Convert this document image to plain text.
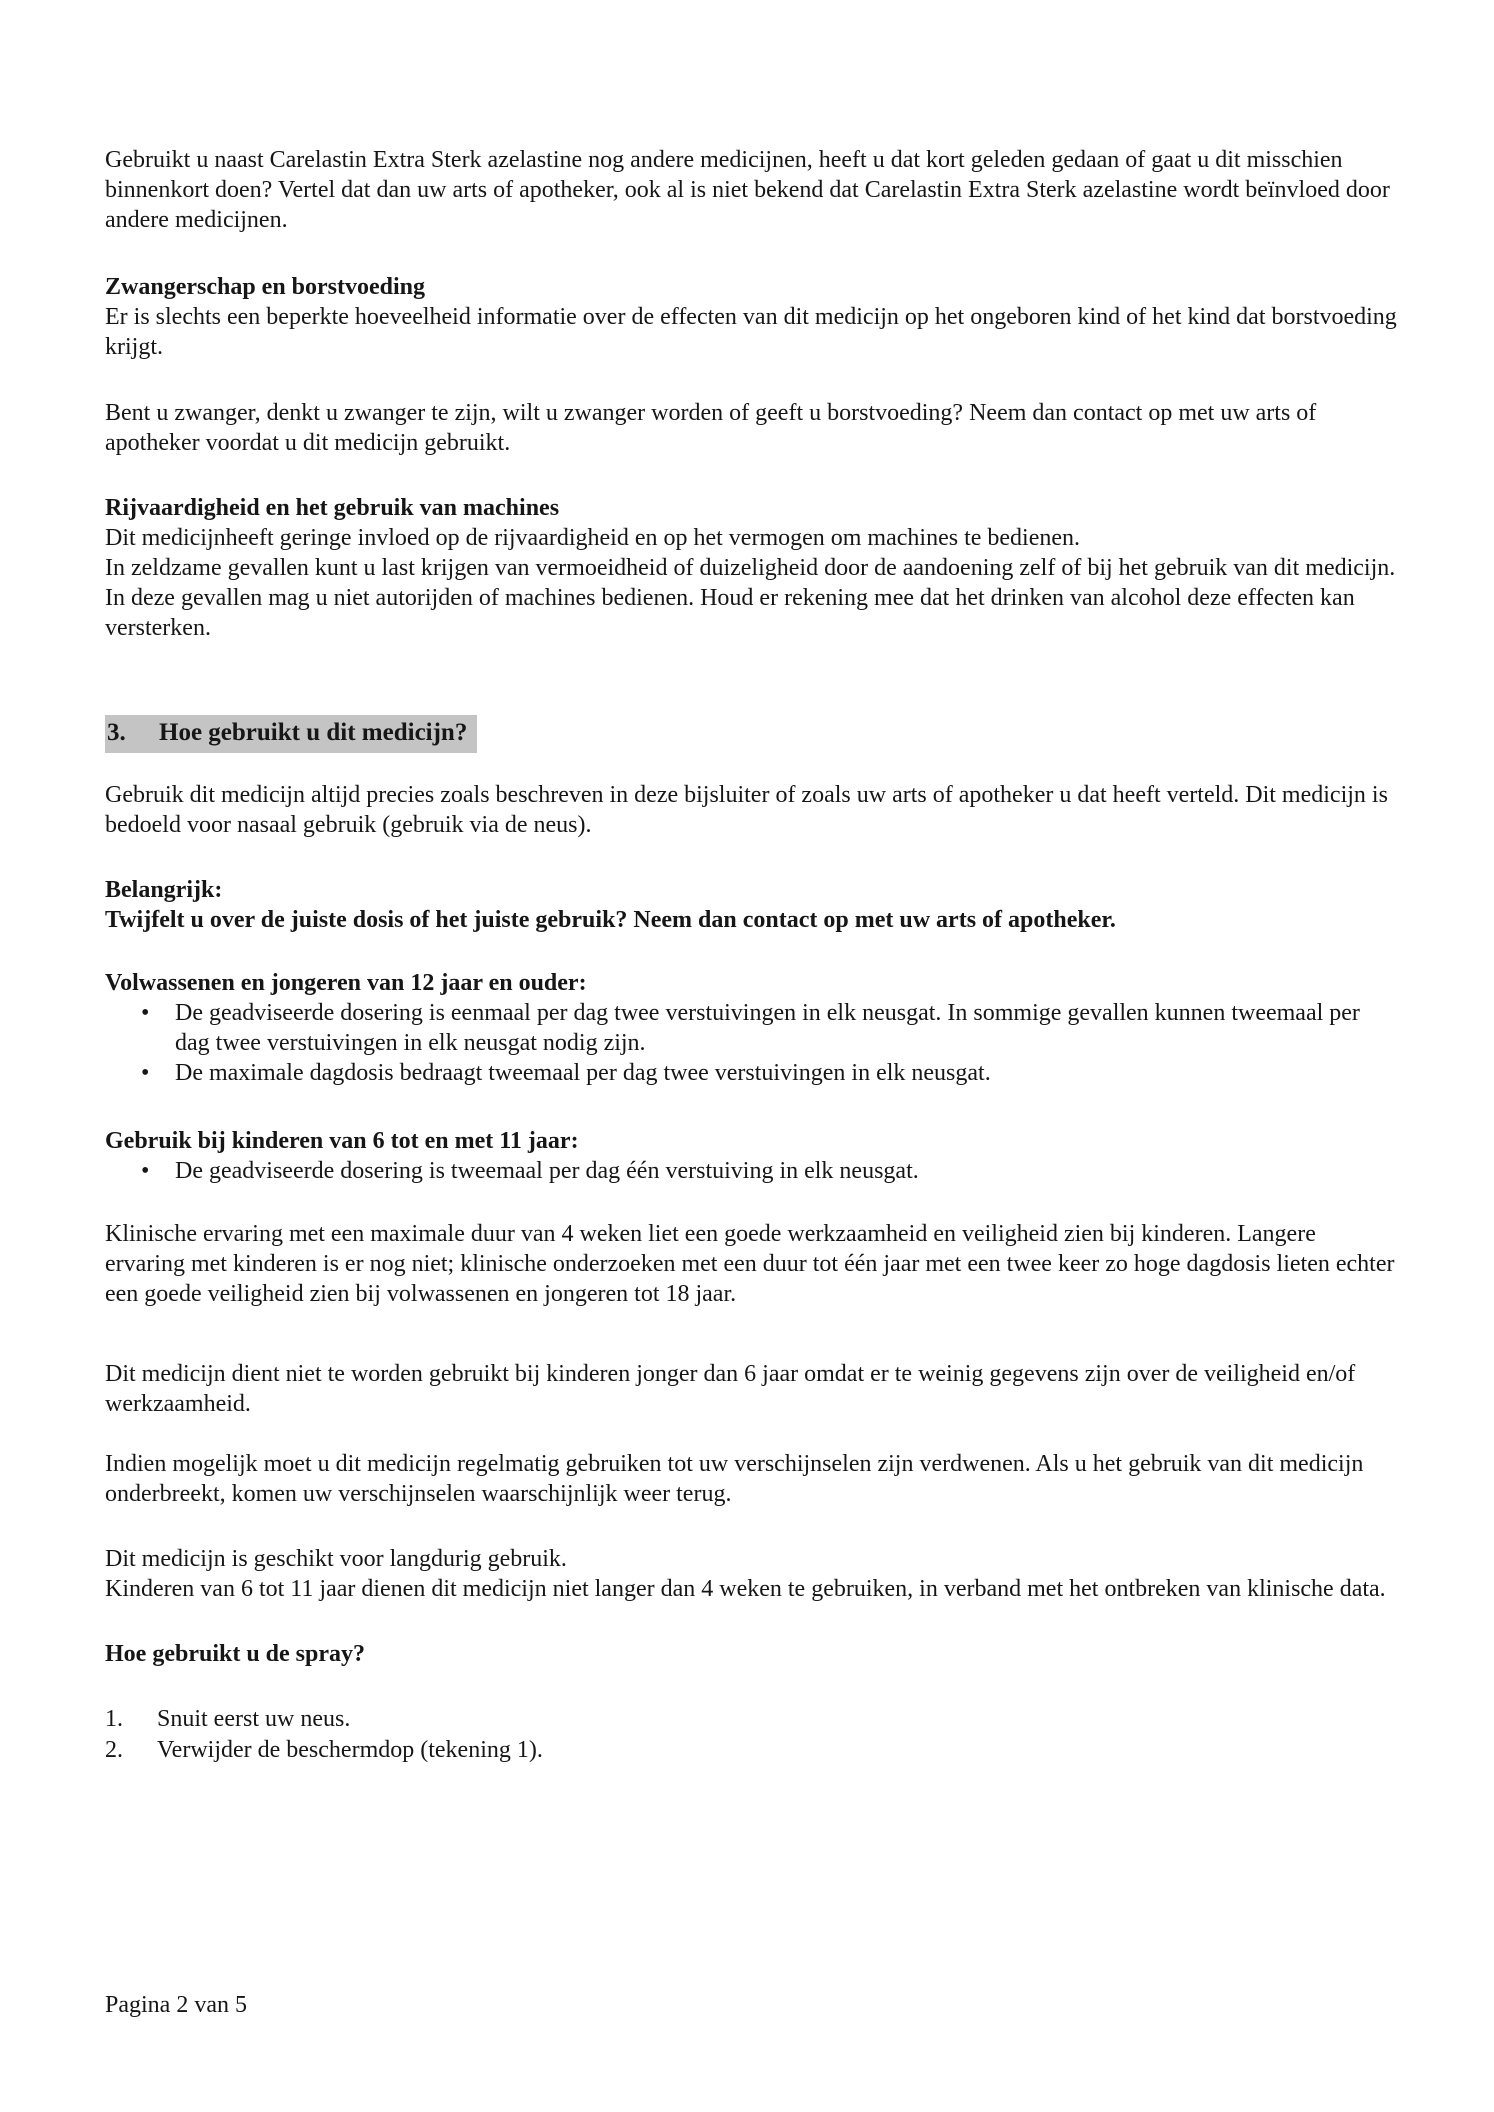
Gebruikt u naast Carelastin Extra Sterk azelastine nog andere medicijnen, heeft u dat kort geleden gedaan of gaat u dit misschien binnenkort doen? Vertel dat dan uw arts of apotheker, ook al is niet bekend dat Carelastin Extra Sterk azelastine wordt beïnvloed door andere medicijnen.

Zwangerschap en borstvoeding

Er is slechts een beperkte hoeveelheid informatie over de effecten van dit medicijn op het ongeboren kind of het kind dat borstvoeding krijgt.

Bent u zwanger, denkt u zwanger te zijn, wilt u zwanger worden of geeft u borstvoeding? Neem dan contact op met uw arts of apotheker voordat u dit medicijn gebruikt.

Rijvaardigheid en het gebruik van machines

Dit medicijnheeft geringe invloed op de rijvaardigheid en op het vermogen om machines te bedienen.

In zeldzame gevallen kunt u last krijgen van vermoeidheid of duizeligheid door de aandoening zelf of bij het gebruik van dit medicijn. In deze gevallen mag u niet autorijden of machines bedienen. Houd er rekening mee dat het drinken van alcohol deze effecten kan versterken.

3. Hoe gebruikt u dit medicijn?

Gebruik dit medicijn altijd precies zoals beschreven in deze bijsluiter of zoals uw arts of apotheker u dat heeft verteld. Dit medicijn is bedoeld voor nasaal gebruik (gebruik via de neus).

Belangrijk:

Twijfelt u over de juiste dosis of het juiste gebruik? Neem dan contact op met uw arts of apotheker.

Volwassenen en jongeren van 12 jaar en ouder:

• De geadviseerde dosering is eenmaal per dag twee verstuivingen in elk neusgat. In sommige gevallen kunnen tweemaal per dag twee verstuivingen in elk neusgat nodig zijn.
• De maximale dagdosis bedraagt tweemaal per dag twee verstuivingen in elk neusgat.

Gebruik bij kinderen van 6 tot en met 11 jaar:

• De geadviseerde dosering is tweemaal per dag één verstuiving in elk neusgat.

Klinische ervaring met een maximale duur van 4 weken liet een goede werkzaamheid en veiligheid zien bij kinderen. Langere ervaring met kinderen is er nog niet; klinische onderzoeken met een duur tot één jaar met een twee keer zo hoge dagdosis lieten echter een goede veiligheid zien bij volwassenen en jongeren tot 18 jaar.

Dit medicijn dient niet te worden gebruikt bij kinderen jonger dan 6 jaar omdat er te weinig gegevens zijn over de veiligheid en/of werkzaamheid.

Indien mogelijk moet u dit medicijn regelmatig gebruiken tot uw verschijnselen zijn verdwenen. Als u het gebruik van dit medicijn onderbreekt, komen uw verschijnselen waarschijnlijk weer terug.

Dit medicijn is geschikt voor langdurig gebruik.

Kinderen van 6 tot 11 jaar dienen dit medicijn niet langer dan 4 weken te gebruiken, in verband met het ontbreken van klinische data.

Hoe gebruikt u de spray?

1. Snuit eerst uw neus.
2. Verwijder de beschermdop (tekening 1).
Pagina 2 van 5
